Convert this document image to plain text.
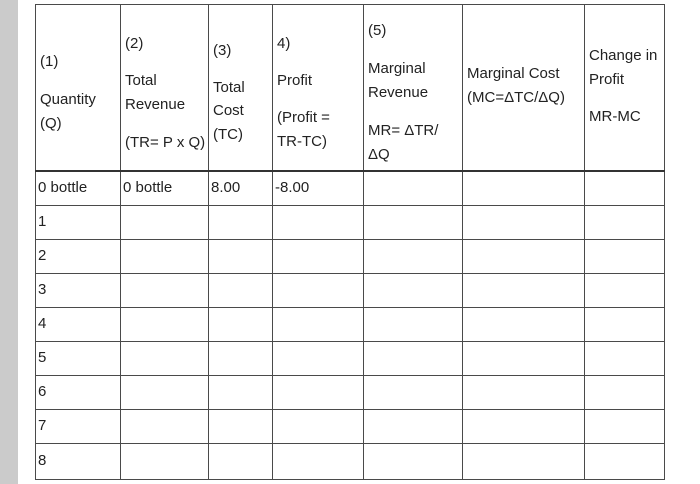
(1)
Quantity
(Q)	(2)
Total
Revenue
(TR= P x Q)	(3)
Total
Cost
(TC)	4)
Profit
(Profit =
TR-TC)	(5)
Marginal
Revenue
MR= ΔTR/
ΔQ	Marginal Cost
(MC=ΔTC/ΔQ)	Change in
Profit
MR-MC

0 bottle	0 bottle	8.00	-8.00			

1						

2						

3						

4						

5						

6						

7						

8						
